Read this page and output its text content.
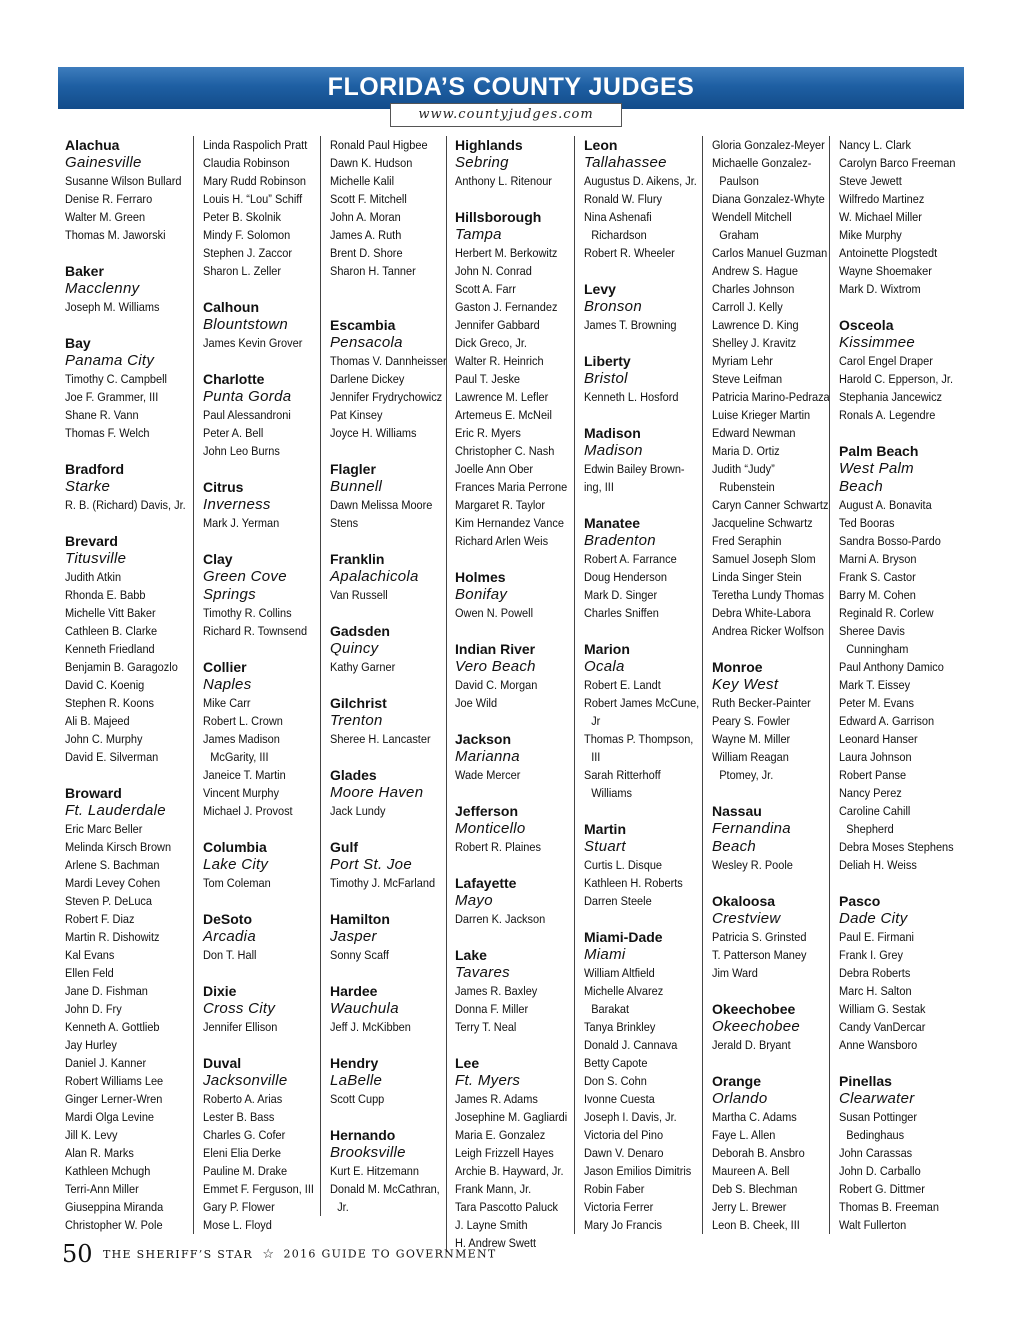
FLORIDA’S COUNTY JUDGES
www.countyjudges.com
Alachua
Gainesville
Susanne Wilson Bullard
Denise R. Ferraro
Walter M. Green
Thomas M. Jaworski
Baker
Macclenny
Joseph M. Williams
Bay
Panama City
Timothy C. Campbell
Joe F. Grammer, III
Shane R. Vann
Thomas F. Welch
Bradford
Starke
R. B. (Richard) Davis, Jr.
Brevard
Titusville
Judith Atkin
Rhonda E. Babb
Michelle Vitt Baker
Cathleen B. Clarke
Kenneth Friedland
Benjamin B. Garagozlo
David C. Koenig
Stephen R. Koons
Ali B. Majeed
John C. Murphy
David E. Silverman
Broward
Ft. Lauderdale
Eric Marc Beller
Melinda Kirsch Brown
Arlene S. Bachman
Mardi Levey Cohen
Steven P. DeLuca
Robert F. Diaz
Martin R. Dishowitz
Kal Evans
Ellen Feld
Jane D. Fishman
John D. Fry
Kenneth A. Gottlieb
Jay Hurley
Daniel J. Kanner
Robert Williams Lee
Ginger Lerner-Wren
Mardi Olga Levine
Jill K. Levy
Alan R. Marks
Kathleen Mchugh
Terri-Ann Miller
Giuseppina Miranda
Christopher W. Pole
Linda Raspolich Pratt
Claudia Robinson
Mary Rudd Robinson
Louis H. “Lou” Schiff
Peter B. Skolnik
Mindy F. Solomon
Stephen J. Zaccor
Sharon L. Zeller
Calhoun
Blountstown
James Kevin Grover
Charlotte
Punta Gorda
Paul Alessandroni
Peter A. Bell
John Leo Burns
Citrus
Inverness
Mark J. Yerman
Clay
Green Cove
Springs
Timothy R. Collins
Richard R. Townsend
Collier
Naples
Mike Carr
Robert L. Crown
James Madison
McGarity, III
Janeice T. Martin
Vincent Murphy
Michael J. Provost
Columbia
Lake City
Tom Coleman
DeSoto
Arcadia
Don T. Hall
Dixie
Cross City
Jennifer Ellison
Duval
Jacksonville
Roberto A. Arias
Lester B. Bass
Charles G. Cofer
Eleni Elia Derke
Pauline M. Drake
Emmet F. Ferguson, III
Gary P. Flower
Mose L. Floyd
Ronald Paul Higbee
Dawn K. Hudson
Michelle Kalil
Scott F. Mitchell
John A. Moran
James A. Ruth
Brent D. Shore
Sharon H. Tanner
Escambia
Pensacola
Thomas V. Dannheisser
Darlene Dickey
Jennifer Frydrychowicz
Pat Kinsey
Joyce H. Williams
Flagler
Bunnell
Dawn Melissa Moore
Stens
Franklin
Apalachicola
Van Russell
Gadsden
Quincy
Kathy Garner
Gilchrist
Trenton
Sheree H. Lancaster
Glades
Moore Haven
Jack Lundy
Gulf
Port St. Joe
Timothy J. McFarland
Hamilton
Jasper
Sonny Scaff
Hardee
Wauchula
Jeff J. McKibben
Hendry
LaBelle
Scott Cupp
Hernando
Brooksville
Kurt E. Hitzemann
Donald M. McCathran,
Jr.
Highlands
Sebring
Anthony L. Ritenour
Hillsborough
Tampa
Herbert M. Berkowitz
John N. Conrad
Scott A. Farr
Gaston J. Fernandez
Jennifer Gabbard
Dick Greco, Jr.
Walter R. Heinrich
Paul T. Jeske
Lawrence M. Lefler
Artemeus E. McNeil
Eric R. Myers
Christopher C. Nash
Joelle Ann Ober
Frances Maria Perrone
Margaret R. Taylor
Kim Hernandez Vance
Richard Arlen Weis
Holmes
Bonifay
Owen N. Powell
Indian River
Vero Beach
David C. Morgan
Joe Wild
Jackson
Marianna
Wade Mercer
Jefferson
Monticello
Robert R. Plaines
Lafayette
Mayo
Darren K. Jackson
Lake
Tavares
James R. Baxley
Donna F. Miller
Terry T. Neal
Lee
Ft. Myers
James R. Adams
Josephine M. Gagliardi
Maria E. Gonzalez
Leigh Frizzell Hayes
Archie B. Hayward, Jr.
Frank Mann, Jr.
Tara Pascotto Paluck
J. Layne Smith
H. Andrew Swett
Leon
Tallahassee
Augustus D. Aikens, Jr.
Ronald W. Flury
Nina Ashenafi
Richardson
Robert R. Wheeler
Levy
Bronson
James T. Browning
Liberty
Bristol
Kenneth L. Hosford
Madison
Madison
Edwin Bailey Brown-
ing, III
Manatee
Bradenton
Robert A. Farrance
Doug Henderson
Mark D. Singer
Charles Sniffen
Marion
Ocala
Robert E. Landt
Robert James McCune,
Jr
Thomas P. Thompson,
III
Sarah Ritterhoff
Williams
Martin
Stuart
Curtis L. Disque
Kathleen H. Roberts
Darren Steele
Miami-Dade
Miami
William Altfield
Michelle Alvarez
Barakat
Tanya Brinkley
Donald J. Cannava
Betty Capote
Don S. Cohn
Ivonne Cuesta
Joseph I. Davis, Jr.
Victoria del Pino
Dawn V. Denaro
Jason Emilios Dimitris
Robin Faber
Victoria Ferrer
Mary Jo Francis
Gloria Gonzalez-Meyer
Michaelle Gonzalez-
Paulson
Diana Gonzalez-Whyte
Wendell Mitchell
Graham
Carlos Manuel Guzman
Andrew S. Hague
Charles Johnson
Carroll J. Kelly
Lawrence D. King
Shelley J. Kravitz
Myriam Lehr
Steve Leifman
Patricia Marino-Pedraza
Luise Krieger Martin
Edward Newman
Maria D. Ortiz
Judith “Judy”
Rubenstein
Caryn Canner Schwartz
Jacqueline Schwartz
Fred Seraphin
Samuel Joseph Slom
Linda Singer Stein
Teretha Lundy Thomas
Debra White-Labora
Andrea Ricker Wolfson
Monroe
Key West
Ruth Becker-Painter
Peary S. Fowler
Wayne M. Miller
William Reagan
Ptomey, Jr.
Nassau
Fernandina
Beach
Wesley R. Poole
Okaloosa
Crestview
Patricia S. Grinsted
T. Patterson Maney
Jim Ward
Okeechobee
Okeechobee
Jerald D. Bryant
Orange
Orlando
Martha C. Adams
Faye L. Allen
Deborah B. Ansbro
Maureen A. Bell
Deb S. Blechman
Jerry L. Brewer
Leon B. Cheek, III
Nancy L. Clark
Carolyn Barco Freeman
Steve Jewett
Wilfredo Martinez
W. Michael Miller
Mike Murphy
Antoinette Plogstedt
Wayne Shoemaker
Mark D. Wixtrom
Osceola
Kissimmee
Carol Engel Draper
Harold C. Epperson, Jr.
Stephania Jancewicz
Ronals A. Legendre
Palm Beach
West Palm
Beach
August A. Bonavita
Ted Booras
Sandra Bosso-Pardo
Marni A. Bryson
Frank S. Castor
Barry M. Cohen
Reginald R. Corlew
Sheree Davis
Cunningham
Paul Anthony Damico
Mark T. Eissey
Peter M. Evans
Edward A. Garrison
Leonard Hanser
Laura Johnson
Robert Panse
Nancy Perez
Caroline Cahill
Shepherd
Debra Moses Stephens
Deliah H. Weiss
Pasco
Dade City
Paul E. Firmani
Frank I. Grey
Debra Roberts
Marc H. Salton
William G. Sestak
Candy VanDercar
Anne Wansboro
Pinellas
Clearwater
Susan Pottinger
Bedinghaus
John Carassas
John D. Carballo
Robert G. Dittmer
Thomas B. Freeman
Walt Fullerton
50 THE SHERIFF’S STAR ☆ 2016 GUIDE TO GOVERNMENT
